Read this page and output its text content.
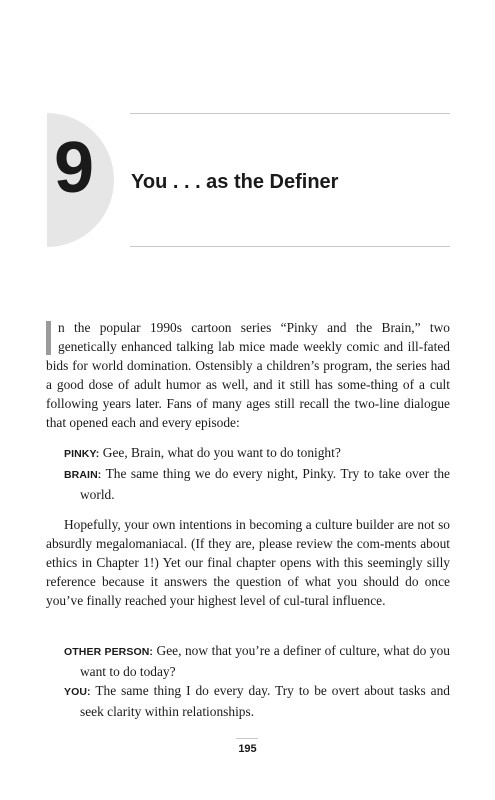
9 You . . . as the Definer

n the popular 1990s cartoon series “Pinky and the Brain,” two genetically enhanced talking lab mice made weekly comic and ill-fated bids for world domination. Ostensibly a children’s program, the series had a good dose of adult humor as well, and it still has some-thing of a cult following years later. Fans of many ages still recall the two-line dialogue that opened each and every episode:

PINKY: Gee, Brain, what do you want to do tonight?

BRAIN: The same thing we do every night, Pinky. Try to take over the world.

Hopefully, your own intentions in becoming a culture builder are not so absurdly megalomaniacal. (If they are, please review the com-ments about ethics in Chapter 1!) Yet our final chapter opens with this seemingly silly reference because it answers the question of what you should do once you’ve finally reached your highest level of cul-tural influence.

OTHER PERSON: Gee, now that you’re a definer of culture, what do you want to do today?

YOU: The same thing I do every day. Try to be overt about tasks and seek clarity within relationships.

195
